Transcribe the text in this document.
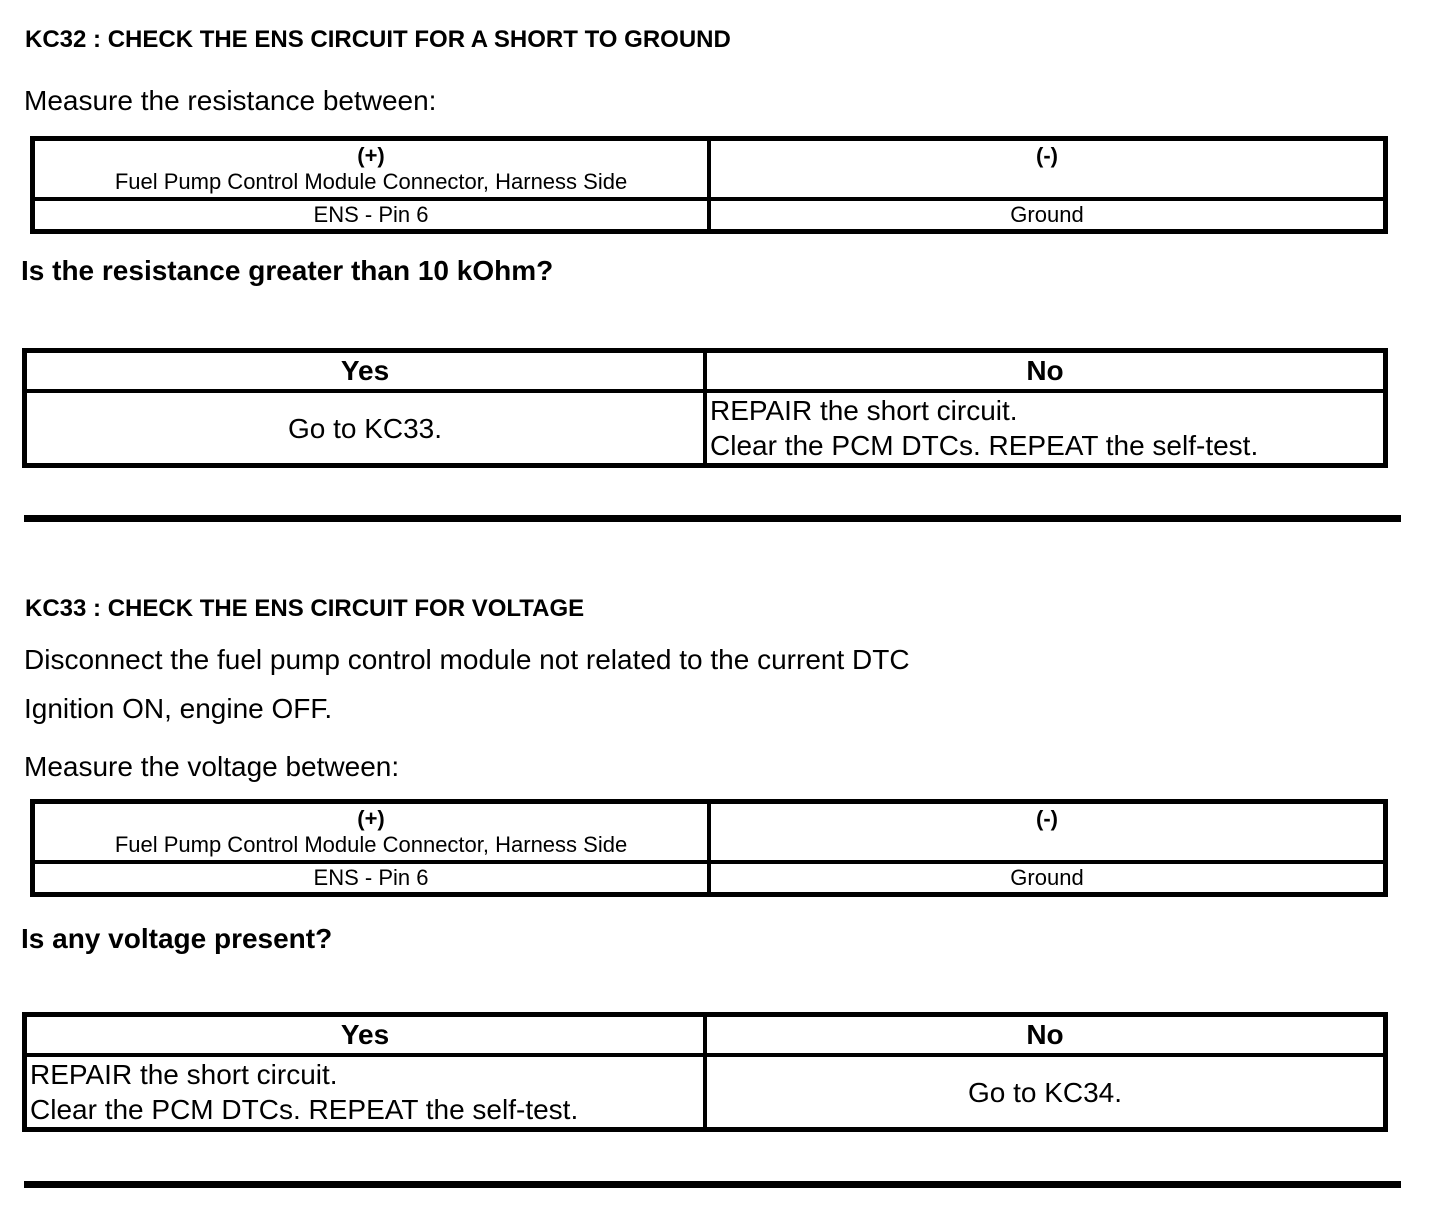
KC32 : CHECK THE ENS CIRCUIT FOR A SHORT TO GROUND

Measure the resistance between:

(+)
Fuel Pump Control Module Connector, Harness Side	(-)

ENS - Pin 6	Ground

Is the resistance greater than 10 kOhm?

Yes	No

Go to KC33.	REPAIR the short circuit.
Clear the PCM DTCs. REPEAT the self-test.
KC33 : CHECK THE ENS CIRCUIT FOR VOLTAGE

Disconnect the fuel pump control module not related to the current DTC

Ignition ON, engine OFF.

Measure the voltage between:

(+)
Fuel Pump Control Module Connector, Harness Side	(-)

ENS - Pin 6	Ground

Is any voltage present?

Yes	No

REPAIR the short circuit.
Clear the PCM DTCs. REPEAT the self-test.	Go to KC34.
